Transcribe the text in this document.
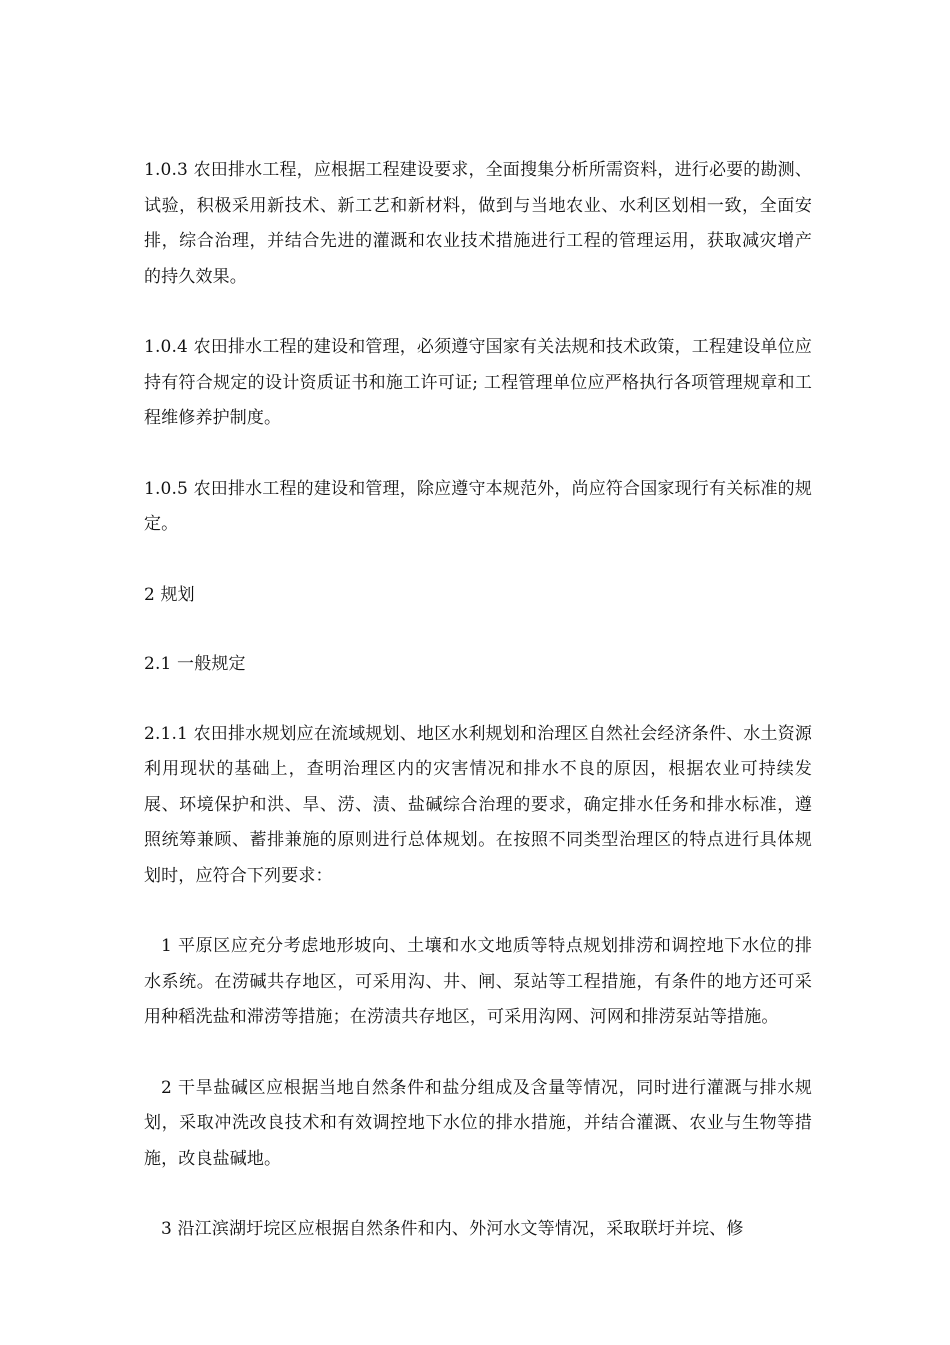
1.0.3 农田排水工程，应根据工程建设要求，全面搜集分析所需资料，进行必要的勘测、试验，积极采用新技术、新工艺和新材料，做到与当地农业、水利区划相一致，全面安排，综合治理，并结合先进的灌溉和农业技术措施进行工程的管理运用，获取减灾增产的持久效果。

1.0.4 农田排水工程的建设和管理，必须遵守国家有关法规和技术政策，工程建设单位应持有符合规定的设计资质证书和施工许可证; 工程管理单位应严格执行各项管理规章和工程维修养护制度。

1.0.5 农田排水工程的建设和管理，除应遵守本规范外，尚应符合国家现行有关标准的规定。

2 规划

2.1 一般规定

2.1.1 农田排水规划应在流域规划、地区水利规划和治理区自然社会经济条件、水土资源利用现状的基础上，查明治理区内的灾害情况和排水不良的原因，根据农业可持续发展、环境保护和洪、旱、涝、渍、盐碱综合治理的要求，确定排水任务和排水标准，遵照统筹兼顾、蓄排兼施的原则进行总体规划。在按照不同类型治理区的特点进行具体规划时，应符合下列要求：

1 平原区应充分考虑地形坡向、土壤和水文地质等特点规划排涝和调控地下水位的排水系统。在涝碱共存地区，可采用沟、井、闸、泵站等工程措施，有条件的地方还可采用种稻洗盐和滞涝等措施；在涝渍共存地区，可采用沟网、河网和排涝泵站等措施。

2 干旱盐碱区应根据当地自然条件和盐分组成及含量等情况，同时进行灌溉与排水规划，采取冲洗改良技术和有效调控地下水位的排水措施，并结合灌溉、农业与生物等措施，改良盐碱地。

3 沿江滨湖圩垸区应根据自然条件和内、外河水文等情况，采取联圩并垸、修
